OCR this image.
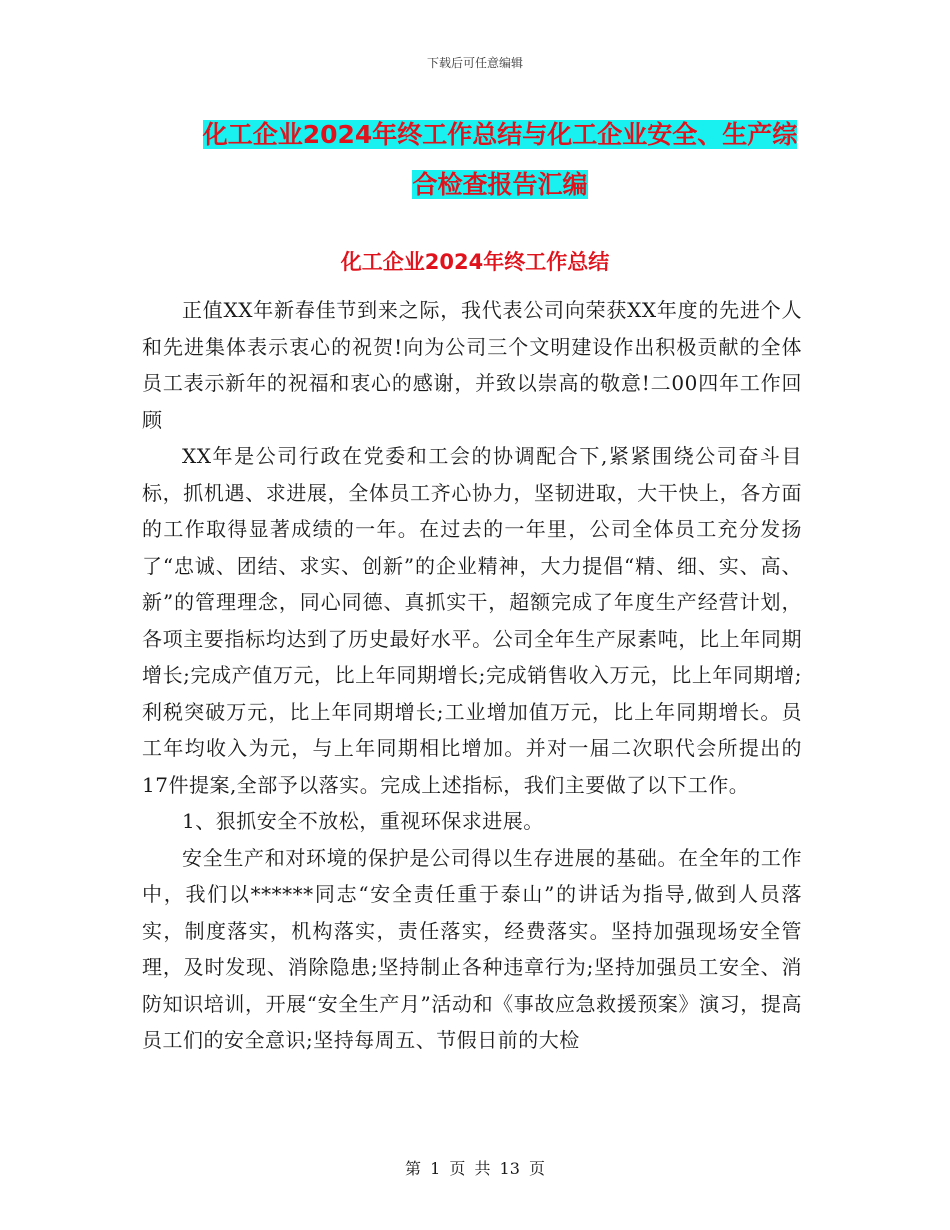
下载后可任意编辑
化工企业2024年终工作总结与化工企业安全、生产综
合检查报告汇编
化工企业2024年终工作总结

正值XX年新春佳节到来之际，我代表公司向荣获XX年度的先进个人和先进集体表示衷心的祝贺!向为公司三个文明建设作出积极贡献的全体员工表示新年的祝福和衷心的感谢，并致以崇高的敬意!二00四年工作回顾

XX年是公司行政在党委和工会的协调配合下,紧紧围绕公司奋斗目标，抓机遇、求进展，全体员工齐心协力，坚韧进取，大干快上，各方面的工作取得显著成绩的一年。在过去的一年里，公司全体员工充分发扬了“忠诚、团结、求实、创新”的企业精神，大力提倡“精、细、实、高、新”的管理理念，同心同德、真抓实干，超额完成了年度生产经营计划，各项主要指标均达到了历史最好水平。公司全年生产尿素吨，比上年同期增长;完成产值万元，比上年同期增长;完成销售收入万元，比上年同期增;利税突破万元，比上年同期增长;工业增加值万元，比上年同期增长。员工年均收入为元，与上年同期相比增加。并对一届二次职代会所提出的17件提案,全部予以落实。完成上述指标，我们主要做了以下工作。

1、狠抓安全不放松，重视环保求进展。

安全生产和对环境的保护是公司得以生存进展的基础。在全年的工作中，我们以******同志“安全责任重于泰山”的讲话为指导,做到人员落实，制度落实，机构落实，责任落实，经费落实。坚持加强现场安全管理，及时发现、消除隐患;坚持制止各种违章行为;坚持加强员工安全、消防知识培训，开展“安全生产月”活动和《事故应急救援预案》演习，提高员工们的安全意识;坚持每周五、节假日前的大检

第 1 页 共 13 页
